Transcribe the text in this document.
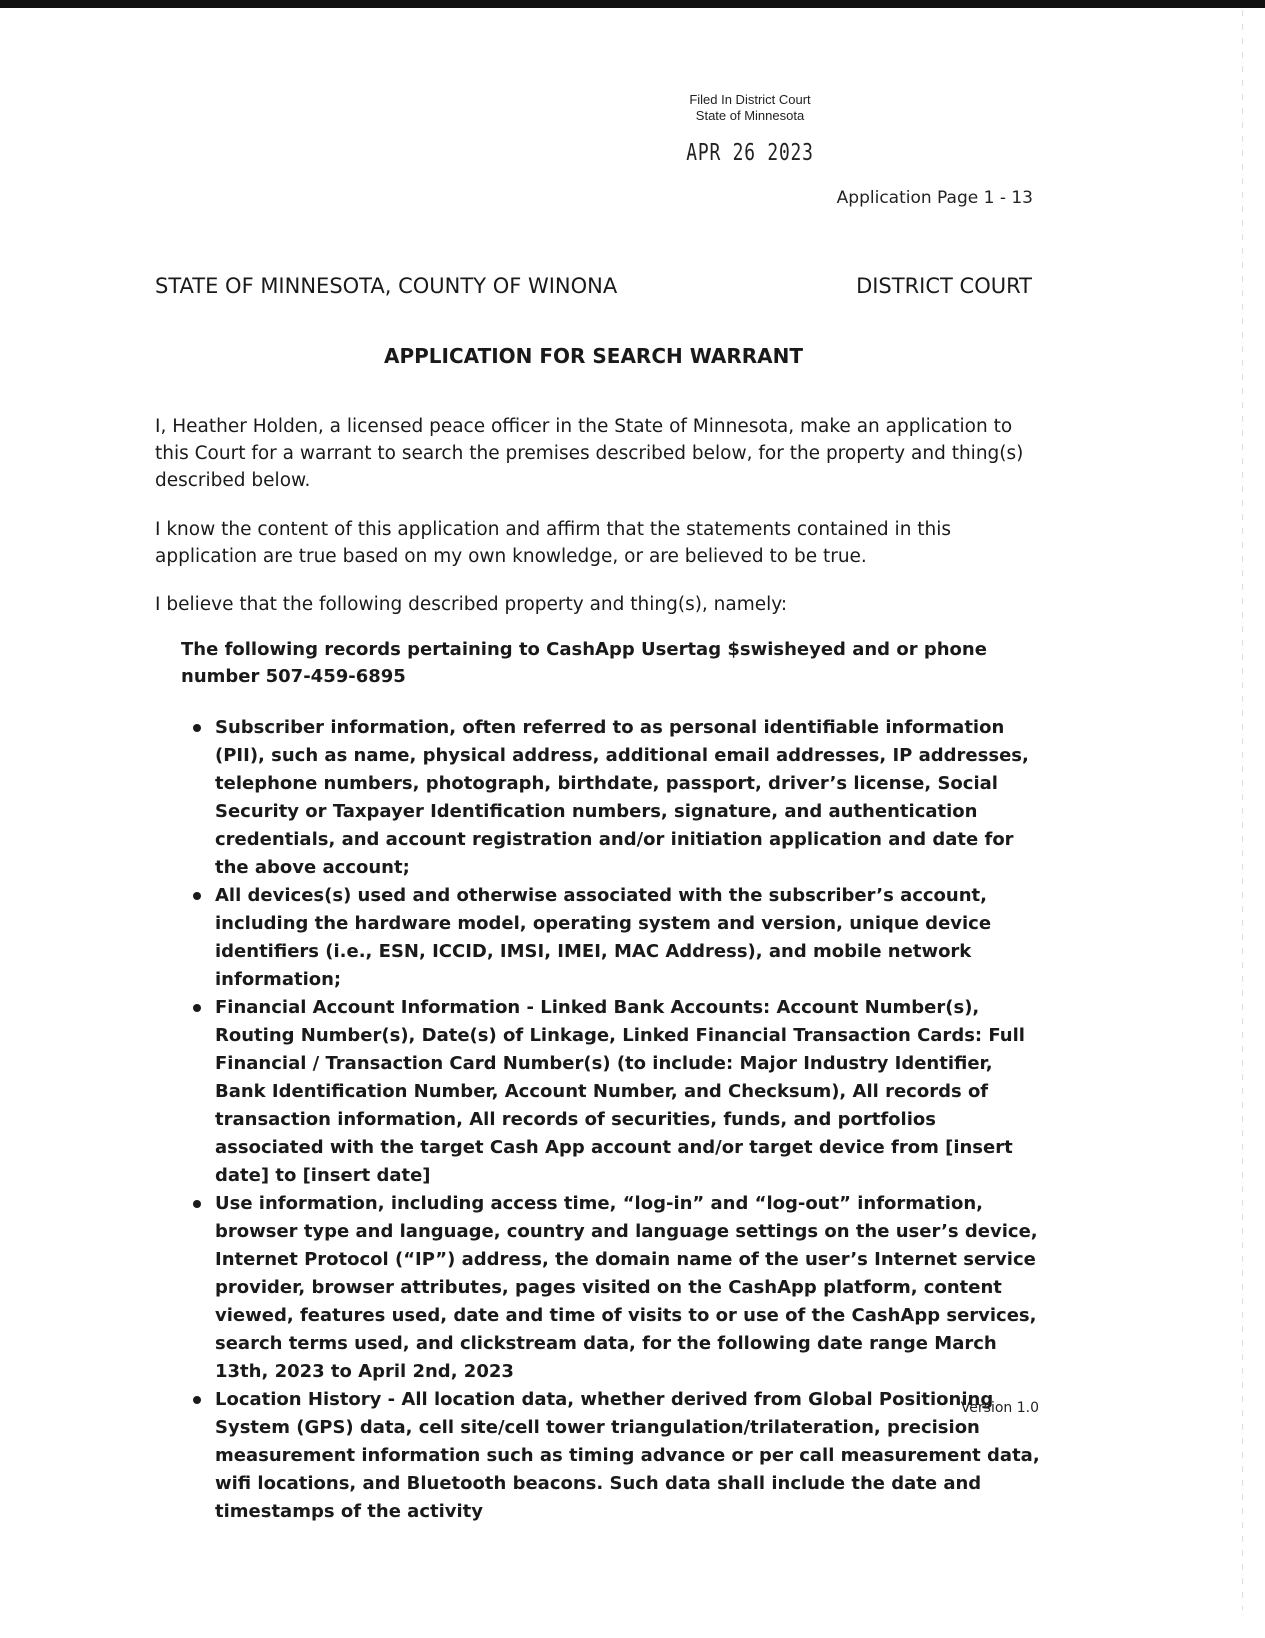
Filed In District Court
State of Minnesota
APR 26 2023
Application Page 1 - 13
STATE OF MINNESOTA, COUNTY OF WINONA	DISTRICT COURT
APPLICATION FOR SEARCH WARRANT
I, Heather Holden, a licensed peace officer in the State of Minnesota, make an application to this Court for a warrant to search the premises described below, for the property and thing(s) described below.
I know the content of this application and affirm that the statements contained in this application are true based on my own knowledge, or are believed to be true.
I believe that the following described property and thing(s), namely:
The following records pertaining to CashApp Usertag $swisheyed and or phone number 507-459-6895
Subscriber information, often referred to as personal identifiable information (PII), such as name, physical address, additional email addresses, IP addresses, telephone numbers, photograph, birthdate, passport, driver’s license, Social Security or Taxpayer Identification numbers, signature, and authentication credentials, and account registration and/or initiation application and date for the above account;
All devices(s) used and otherwise associated with the subscriber’s account, including the hardware model, operating system and version, unique device identifiers (i.e., ESN, ICCID, IMSI, IMEI, MAC Address), and mobile network information;
Financial Account Information - Linked Bank Accounts: Account Number(s), Routing Number(s), Date(s) of Linkage, Linked Financial Transaction Cards: Full Financial / Transaction Card Number(s) (to include: Major Industry Identifier, Bank Identification Number, Account Number, and Checksum), All records of transaction information, All records of securities, funds, and portfolios associated with the target Cash App account and/or target device from [insert date] to [insert date]
Use information, including access time, “log-in” and “log-out” information, browser type and language, country and language settings on the user’s device, Internet Protocol (“IP”) address, the domain name of the user’s Internet service provider, browser attributes, pages visited on the CashApp platform, content viewed, features used, date and time of visits to or use of the CashApp services, search terms used, and clickstream data, for the following date range March 13th, 2023 to April 2nd, 2023
Location History - All location data, whether derived from Global Positioning System (GPS) data, cell site/cell tower triangulation/trilateration, precision measurement information such as timing advance or per call measurement data, wifi locations, and Bluetooth beacons. Such data shall include the date and timestamps of the activity
Version 1.0
